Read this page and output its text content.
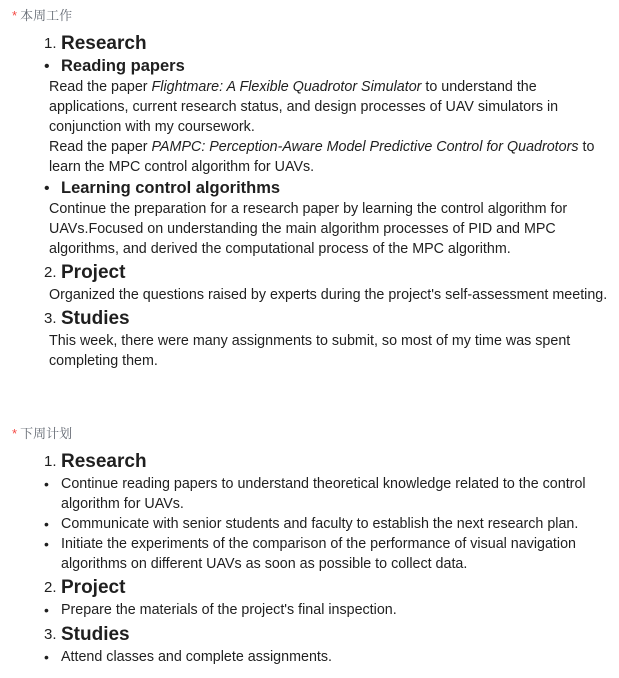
* 本周工作
1. Research
• Reading papers
Read the paper Flightmare: A Flexible Quadrotor Simulator to understand the applications, current research status, and design processes of UAV simulators in conjunction with my coursework.
Read the paper PAMPC: Perception-Aware Model Predictive Control for Quadrotors to learn the MPC control algorithm for UAVs.
• Learning control algorithms
Continue the preparation for a research paper by learning the control algorithm for UAVs.Focused on understanding the main algorithm processes of PID and MPC algorithms, and derived the computational process of the MPC algorithm.
2. Project
Organized the questions raised by experts during the project's self-assessment meeting.
3. Studies
This week, there were many assignments to submit, so most of my time was spent completing them.
* 下周计划
1. Research
• Continue reading papers to understand theoretical knowledge related to the control algorithm for UAVs.
• Communicate with senior students and faculty to establish the next research plan.
• Initiate the experiments of the comparison of the performance of visual navigation algorithms on different UAVs as soon as possible to collect data.
2. Project
• Prepare the materials of the project's final inspection.
3. Studies
• Attend classes and complete assignments.
